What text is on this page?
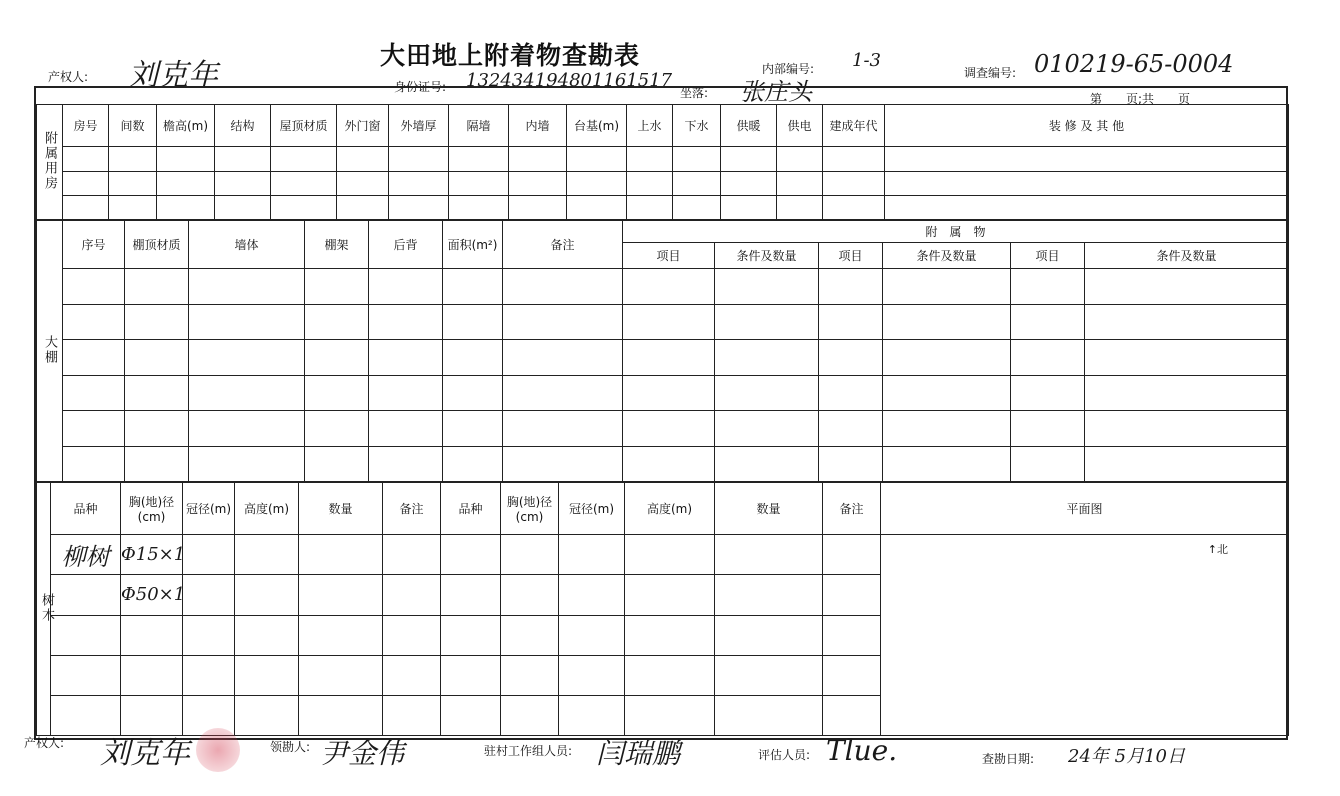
大田地上附着物查勘表
产权人: 刘克年	身份证号: 132434194801161517
坐落: 张庄头
内部编号: 1-3
调查编号: 010219-65-0004
第　　页;共　　页
附属用房	房号	间数	檐高(m)	结构	屋顶材质	外门窗	外墙厚	隔墙	内墙	台基(m)	上水	下水	供暖	供电	建成年代	装 修 及 其 他

大棚	序号	棚顶材质	墙体	棚架	后背	面积(m²)	备注	附　属　物					
								项目	条件及数量	项目	条件及数量	项目	条件及数量

树木	品种	胸(地)径(cm)	冠径(m)	高度(m)	数量	备注	品种	胸(地)径(cm)	冠径(m)	高度(m)	数量	备注	平面图
	柳树	Φ15×1											↑北
		Φ50×1											

产权人: 刘克年	领勘人: 尹金伟	驻村工作组人员: 闫瑞鹏	评估人员: Tlue.	查勘日期: 24年 5月10日
